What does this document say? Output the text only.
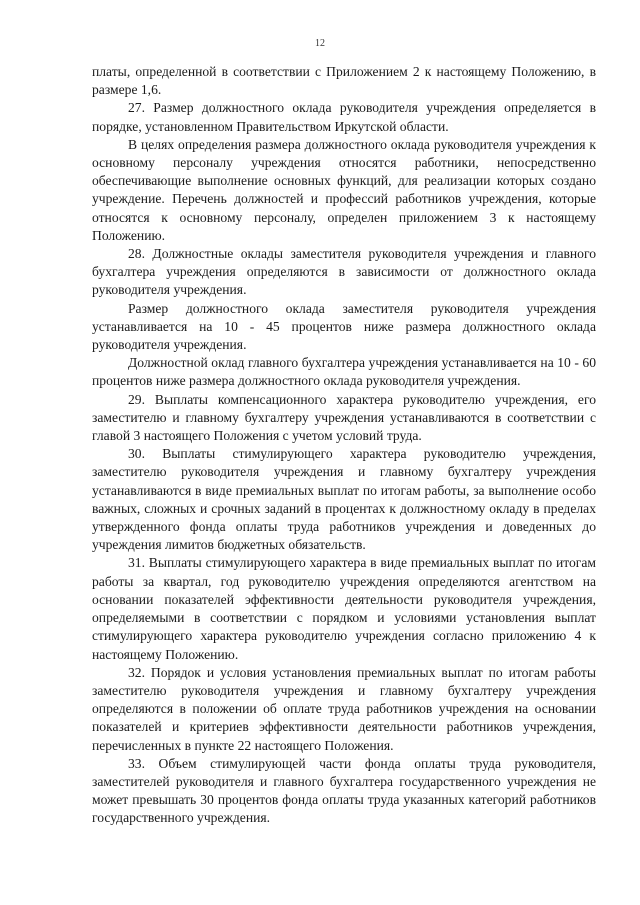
12

платы, определенной в соответствии с Приложением 2 к настоящему Положению, в размере 1,6.

27. Размер должностного оклада руководителя учреждения определяется в порядке, установленном Правительством Иркутской области.

В целях определения размера должностного оклада руководителя учреждения к основному персоналу учреждения относятся работники, непосредственно обеспечивающие выполнение основных функций, для реализации которых создано учреждение. Перечень должностей и профессий работников учреждения, которые относятся к основному персоналу, определен приложением 3 к настоящему Положению.

28. Должностные оклады заместителя руководителя учреждения и главного бухгалтера учреждения определяются в зависимости от должностного оклада руководителя учреждения.

Размер должностного оклада заместителя руководителя учреждения устанавливается на 10 - 45 процентов ниже размера должностного оклада руководителя учреждения.

Должностной оклад главного бухгалтера учреждения устанавливается на 10 - 60 процентов ниже размера должностного оклада руководителя учреждения.

29. Выплаты компенсационного характера руководителю учреждения, его заместителю и главному бухгалтеру учреждения устанавливаются в соответствии с главой 3 настоящего Положения с учетом условий труда.

30. Выплаты стимулирующего характера руководителю учреждения, заместителю руководителя учреждения и главному бухгалтеру учреждения устанавливаются в виде премиальных выплат по итогам работы, за выполнение особо важных, сложных и срочных заданий в процентах к должностному окладу в пределах утвержденного фонда оплаты труда работников учреждения и доведенных до учреждения лимитов бюджетных обязательств.

31. Выплаты стимулирующего характера в виде премиальных выплат по итогам работы за квартал, год руководителю учреждения определяются агентством на основании показателей эффективности деятельности руководителя учреждения, определяемыми в соответствии с порядком и условиями установления выплат стимулирующего характера руководителю учреждения согласно приложению 4 к настоящему Положению.

32. Порядок и условия установления премиальных выплат по итогам работы заместителю руководителя учреждения и главному бухгалтеру учреждения определяются в положении об оплате труда работников учреждения на основании показателей и критериев эффективности деятельности работников учреждения, перечисленных в пункте 22 настоящего Положения.

33. Объем стимулирующей части фонда оплаты труда руководителя, заместителей руководителя и главного бухгалтера государственного учреждения не может превышать 30 процентов фонда оплаты труда указанных категорий работников государственного учреждения.
